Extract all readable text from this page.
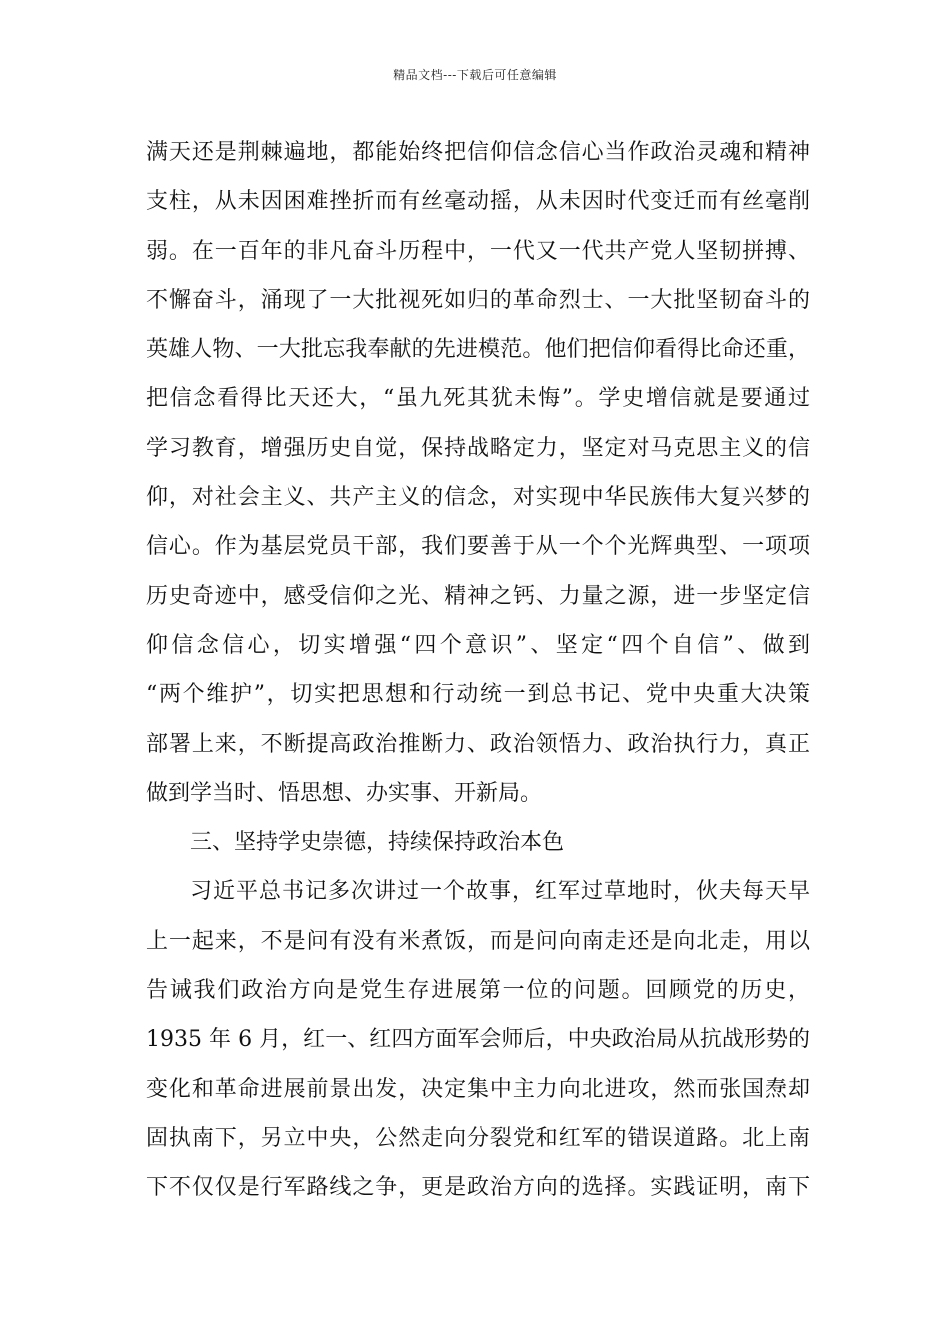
精品文档---下载后可任意编辑
满天还是荆棘遍地，都能始终把信仰信念信心当作政治灵魂和精神
支柱，从未因困难挫折而有丝毫动摇，从未因时代变迁而有丝毫削
弱。在一百年的非凡奋斗历程中，一代又一代共产党人坚韧拼搏、
不懈奋斗，涌现了一大批视死如归的革命烈士、一大批坚韧奋斗的
英雄人物、一大批忘我奉献的先进模范。他们把信仰看得比命还重，
把信念看得比天还大，“虽九死其犹未悔”。学史增信就是要通过
学习教育，增强历史自觉，保持战略定力，坚定对马克思主义的信
仰，对社会主义、共产主义的信念，对实现中华民族伟大复兴梦的
信心。作为基层党员干部，我们要善于从一个个光辉典型、一项项
历史奇迹中，感受信仰之光、精神之钙、力量之源，进一步坚定信
仰信念信心，切实增强“四个意识”、坚定“四个自信”、做到
“两个维护”，切实把思想和行动统一到总书记、党中央重大决策
部署上来，不断提高政治推断力、政治领悟力、政治执行力，真正
做到学当时、悟思想、办实事、开新局。
三、坚持学史崇德，持续保持政治本色
习近平总书记多次讲过一个故事，红军过草地时，伙夫每天早
上一起来，不是问有没有米煮饭，而是问向南走还是向北走，用以
告诫我们政治方向是党生存进展第一位的问题。回顾党的历史，
1935 年 6 月，红一、红四方面军会师后，中央政治局从抗战形势的
变化和革命进展前景出发，决定集中主力向北进攻，然而张国焘却
固执南下，另立中央，公然走向分裂党和红军的错误道路。北上南
下不仅仅是行军路线之争，更是政治方向的选择。实践证明，南下
